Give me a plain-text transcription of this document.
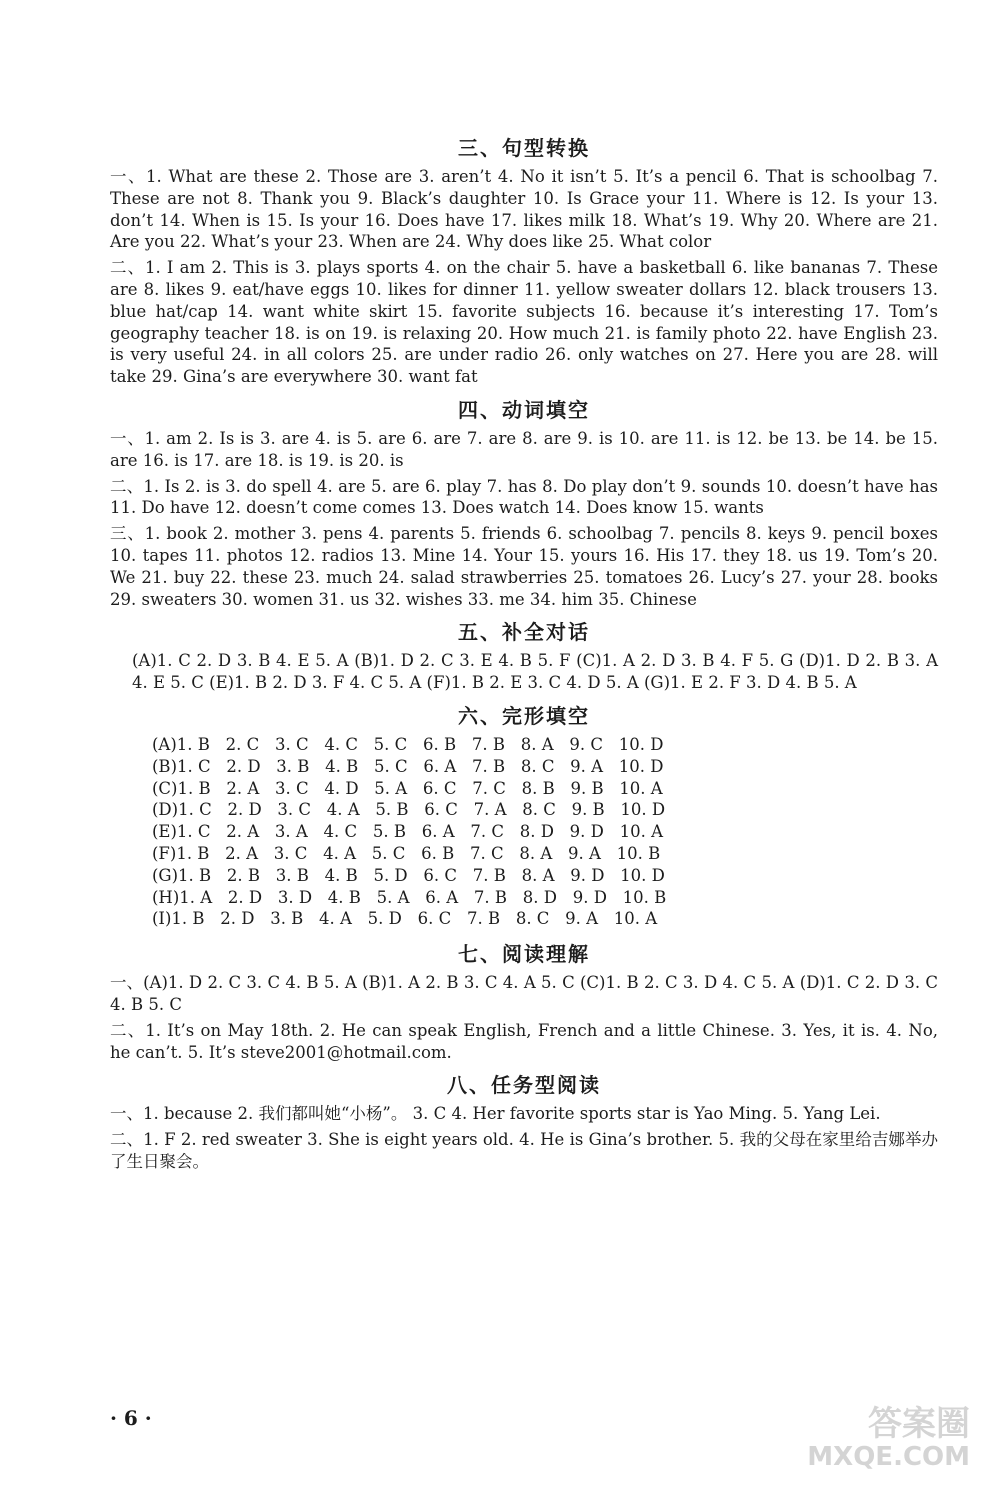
三、句型转换

一、1. What are these 2. Those are 3. aren’t 4. No it isn’t 5. It’s a pencil 6. That is schoolbag 7. These are not 8. Thank you 9. Black’s daughter 10. Is Grace your 11. Where is 12. Is your 13. don’t 14. When is 15. Is your 16. Does have 17. likes milk 18. What’s 19. Why 20. Where are 21. Are you 22. What’s your 23. When are 24. Why does like 25. What color

二、1. I am 2. This is 3. plays sports 4. on the chair 5. have a basketball 6. like bananas 7. These are 8. likes 9. eat/have eggs 10. likes for dinner 11. yellow sweater dollars 12. black trousers 13. blue hat/cap 14. want white skirt 15. favorite subjects 16. because it’s interesting 17. Tom’s geography teacher 18. is on 19. is relaxing 20. How much 21. is family photo 22. have English 23. is very useful 24. in all colors 25. are under radio 26. only watches on 27. Here you are 28. will take 29. Gina’s are everywhere 30. want fat

四、动词填空

一、1. am 2. Is is 3. are 4. is 5. are 6. are 7. are 8. are 9. is 10. are 11. is 12. be 13. be 14. be 15. are 16. is 17. are 18. is 19. is 20. is

二、1. Is 2. is 3. do spell 4. are 5. are 6. play 7. has 8. Do play don’t 9. sounds 10. doesn’t have has 11. Do have 12. doesn’t come comes 13. Does watch 14. Does know 15. wants

三、1. book 2. mother 3. pens 4. parents 5. friends 6. schoolbag 7. pencils 8. keys 9. pencil boxes 10. tapes 11. photos 12. radios 13. Mine 14. Your 15. yours 16. His 17. they 18. us 19. Tom’s 20. We 21. buy 22. these 23. much 24. salad strawberries 25. tomatoes 26. Lucy’s 27. your 28. books 29. sweaters 30. women 31. us 32. wishes 33. me 34. him 35. Chinese

五、补全对话

(A)1. C 2. D 3. B 4. E 5. A (B)1. D 2. C 3. E 4. B 5. F (C)1. A 2. D 3. B 4. F 5. G (D)1. D 2. B 3. A 4. E 5. C (E)1. B 2. D 3. F 4. C 5. A (F)1. B 2. E 3. C 4. D 5. A (G)1. E 2. F 3. D 4. B 5. A

六、完形填空
(A)1. B   2. C   3. C   4. C   5. C   6. B   7. B   8. A   9. C   10. D
(B)1. C   2. D   3. B   4. B   5. C   6. A   7. B   8. C   9. A   10. D
(C)1. B   2. A   3. C   4. D   5. A   6. C   7. C   8. B   9. B   10. A
(D)1. C   2. D   3. C   4. A   5. B   6. C   7. A   8. C   9. B   10. D
(E)1. C   2. A   3. A   4. C   5. B   6. A   7. C   8. D   9. D   10. A
(F)1. B   2. A   3. C   4. A   5. C   6. B   7. C   8. A   9. A   10. B
(G)1. B   2. B   3. B   4. B   5. D   6. C   7. B   8. A   9. D   10. D
(H)1. A   2. D   3. D   4. B   5. A   6. A   7. B   8. D   9. D   10. B
(I)1. B   2. D   3. B   4. A   5. D   6. C   7. B   8. C   9. A   10. A
七、阅读理解

一、(A)1. D 2. C 3. C 4. B 5. A (B)1. A 2. B 3. C 4. A 5. C (C)1. B 2. C 3. D 4. C 5. A (D)1. C 2. D 3. C 4. B 5. C

二、1. It’s on May 18th. 2. He can speak English, French and a little Chinese. 3. Yes, it is. 4. No, he can’t. 5. It’s steve2001@hotmail.com.

八、任务型阅读

一、1. because 2. 我们都叫她“小杨”。 3. C 4. Her favorite sports star is Yao Ming. 5. Yang Lei.

二、1. F 2. red sweater 3. She is eight years old. 4. He is Gina’s brother. 5. 我的父母在家里给吉娜举办了生日聚会。

· 6 ·	答案圈
MXQE.COM
